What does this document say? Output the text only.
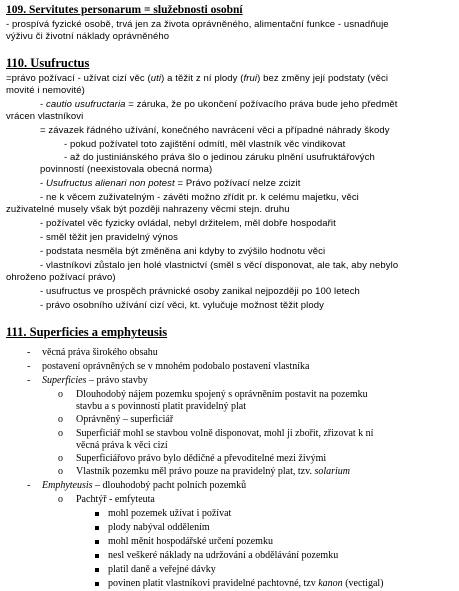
109. Servitutes personarum = služebnosti osobní
- prospívá fyzické osobě, trvá jen za života oprávněného, alimentační funkce - usnadňuje
výživu či životní náklady oprávněného
110. Usufructus
=právo požívací - užívat cizí věc (uti) a těžit z ní plody (frui) bez změny její podstaty (věci
movité i nemovité)
- cautio usufructaria = záruka, že po ukončení požívacího práva bude jeho předmět
vrácen vlastníkovi
= závazek řádného užívání, konečného navrácení věci a případné náhrady škody
- pokud požívatel toto zajištění odmítl, měl vlastník věc vindikovat
- až do justiniánského práva šlo o jedinou záruku plnění usufruktářových
povinností (neexistovala obecná norma)
- Usufructus alienari non potest = Právo požívací nelze zcizit
- ne k věcem zuživatelným - závěti možno zřídit pr. k celému majetku, věci
zuživatelné musely však být později nahrazeny věcmi stejn. druhu
- požívatel věc fyzicky ovládal, nebyl držitelem, měl dobře hospodařit
- směl těžit jen pravidelný výnos
- podstata nesměla být změněna ani kdyby to zvýšilo hodnotu věci
- vlastníkovi zůstalo jen holé vlastnictví (směl s věcí disponovat, ale tak, aby nebylo
ohroženo požívací právo)
- usufructus ve prospěch právnické osoby zanikal nejpozději po 100 letech
- právo osobního užívání cizí věci, kt. vylučuje možnost těžit plody
111. Superficies a emphyteusis
- věcná práva širokého obsahu
- postavení oprávněných se v mnohém podobalo postavení vlastníka
- Superficies – právo stavby
o Dlouhodobý nájem pozemku spojený s oprávněním postavit na pozemku
stavbu a s povinností platit pravidelný plat
o Oprávněný – superficiář
o Superficiář mohl se stavbou volně disponovat, mohl ji zbořit, zřizovat k ní
věcná práva k věci cizí
o Superficiářovo právo bylo dědičné a převoditelné mezi živými
o Vlastník pozemku měl právo pouze na pravidelný plat, tzv. solarium
- Emphyteusis – dlouhodobý pacht polních pozemků
o Pachtýř - emfyteuta
mohl pozemek užívat i požívat
plody nabýval oddělením
mohl měnit hospodářské určení pozemku
nesl veškeré náklady na udržování a obdělávání pozemku
platil daně a veřejné dávky
povinen platit vlastníkovi pravidelné pachtovné, tzv kanon (vectigal)
